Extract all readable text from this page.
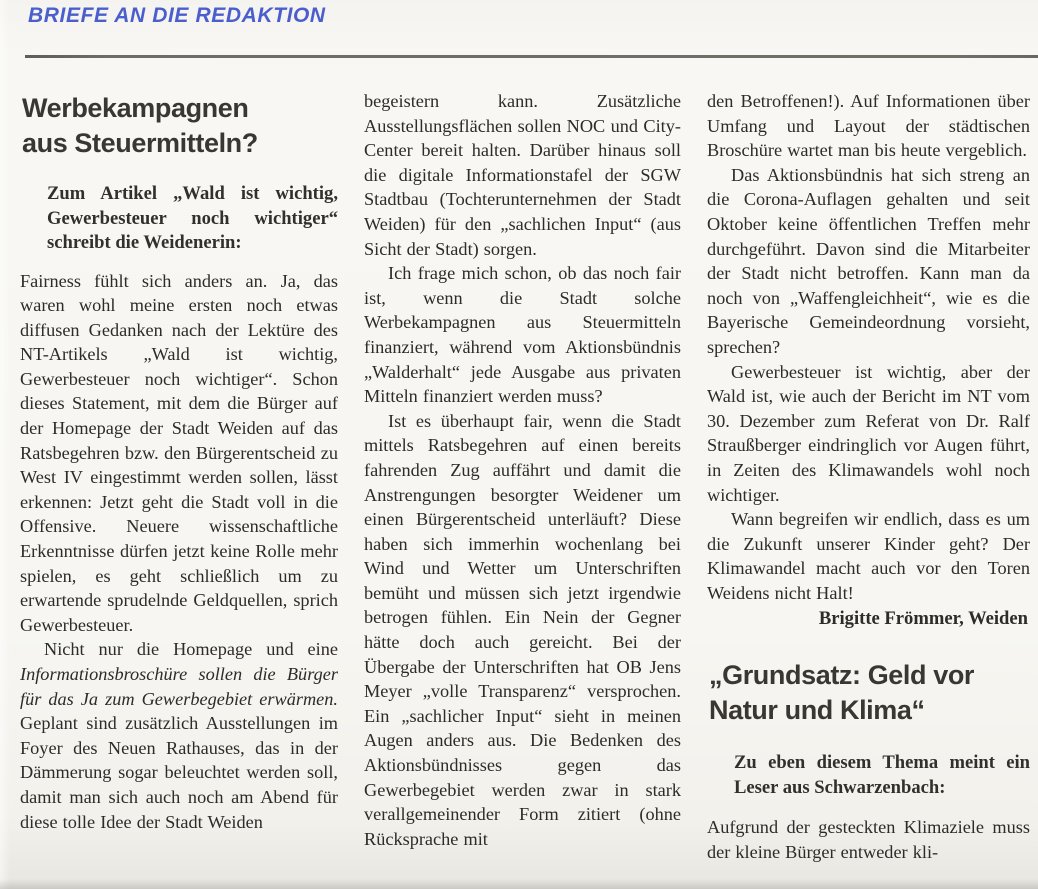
BRIEFE AN DIE REDAKTION
Werbekampagnen
aus Steuermitteln?

Zum Artikel „Wald ist wichtig, Gewerbesteuer noch wichtiger“ schreibt die Weidenerin:

Fairness fühlt sich anders an. Ja, das waren wohl meine ersten noch etwas diffusen Gedanken nach der Lektüre des NT-Artikels „Wald ist wichtig, Gewerbesteuer noch wichtiger“. Schon dieses Statement, mit dem die Bürger auf der Homepage der Stadt Weiden auf das Ratsbegehren bzw. den Bürgerentscheid zu West IV eingestimmt werden sollen, lässt erkennen: Jetzt geht die Stadt voll in die Offensive. Neuere wissenschaftliche Erkenntnisse dürfen jetzt keine Rolle mehr spielen, es geht schließlich um zu erwartende sprudelnde Geldquellen, sprich Gewerbesteuer.

Nicht nur die Homepage und eine Informationsbroschüre sollen die Bürger für das Ja zum Gewerbegebiet erwärmen. Geplant sind zusätzlich Ausstellungen im Foyer des Neuen Rathauses, das in der Dämmerung sogar beleuchtet werden soll, damit man sich auch noch am Abend für diese tolle Idee der Stadt Weiden

begeistern kann. Zusätzliche Ausstellungsflächen sollen NOC und City-Center bereit halten. Darüber hinaus soll die digitale Informationstafel der SGW Stadtbau (Tochterunternehmen der Stadt Weiden) für den „sachlichen Input“ (aus Sicht der Stadt) sorgen.

Ich frage mich schon, ob das noch fair ist, wenn die Stadt solche Werbekampagnen aus Steuermitteln finanziert, während vom Aktionsbündnis „Walderhalt“ jede Ausgabe aus privaten Mitteln finanziert werden muss?

Ist es überhaupt fair, wenn die Stadt mittels Ratsbegehren auf einen bereits fahrenden Zug auffährt und damit die Anstrengungen besorgter Weidener um einen Bürgerentscheid unterläuft? Diese haben sich immerhin wochenlang bei Wind und Wetter um Unterschriften bemüht und müssen sich jetzt irgendwie betrogen fühlen. Ein Nein der Gegner hätte doch auch gereicht. Bei der Übergabe der Unterschriften hat OB Jens Meyer „volle Transparenz“ versprochen. Ein „sachlicher Input“ sieht in meinen Augen anders aus. Die Bedenken des Aktionsbündnisses gegen das Gewerbegebiet werden zwar in stark verallgemeinender Form zitiert (ohne Rücksprache mit

den Betroffenen!). Auf Informationen über Umfang und Layout der städtischen Broschüre wartet man bis heute vergeblich.

Das Aktionsbündnis hat sich streng an die Corona-Auflagen gehalten und seit Oktober keine öffentlichen Treffen mehr durchgeführt. Davon sind die Mitarbeiter der Stadt nicht betroffen. Kann man da noch von „Waffengleichheit“, wie es die Bayerische Gemeindeordnung vorsieht, sprechen?

Gewerbesteuer ist wichtig, aber der Wald ist, wie auch der Bericht im NT vom 30. Dezember zum Referat von Dr. Ralf Straußberger eindringlich vor Augen führt, in Zeiten des Klimawandels wohl noch wichtiger.

Wann begreifen wir endlich, dass es um die Zukunft unserer Kinder geht? Der Klimawandel macht auch vor den Toren Weidens nicht Halt!

Brigitte Frömmer, Weiden

„Grundsatz: Geld vor
Natur und Klima“

Zu eben diesem Thema meint ein Leser aus Schwarzenbach:

Aufgrund der gesteckten Klimaziele muss der kleine Bürger entweder kli-
